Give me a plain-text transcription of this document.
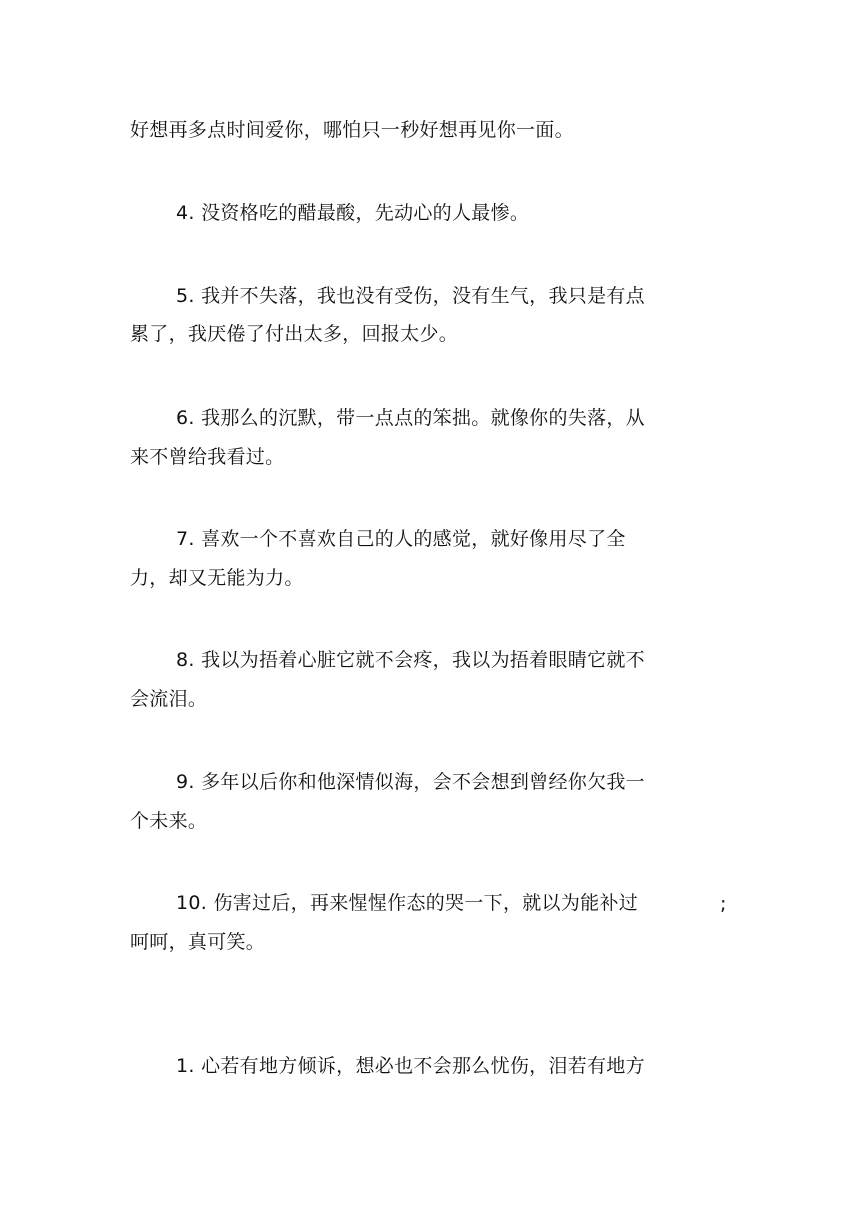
好想再多点时间爱你，哪怕只一秒好想再见你一面。
4. 没资格吃的醋最酸，先动心的人最惨。
5. 我并不失落，我也没有受伤，没有生气，我只是有点
累了，我厌倦了付出太多，回报太少。
6. 我那么的沉默，带一点点的笨拙。就像你的失落，从
来不曾给我看过。
7. 喜欢一个不喜欢自己的人的感觉，就好像用尽了全
力，却又无能为力。
8. 我以为捂着心脏它就不会疼，我以为捂着眼睛它就不
会流泪。
9. 多年以后你和他深情似海，会不会想到曾经你欠我一
个未来。
10. 伤害过后，再来惺惺作态的哭一下，就以为能补过	;
呵呵，真可笑。
1. 心若有地方倾诉，想必也不会那么忧伤，泪若有地方
